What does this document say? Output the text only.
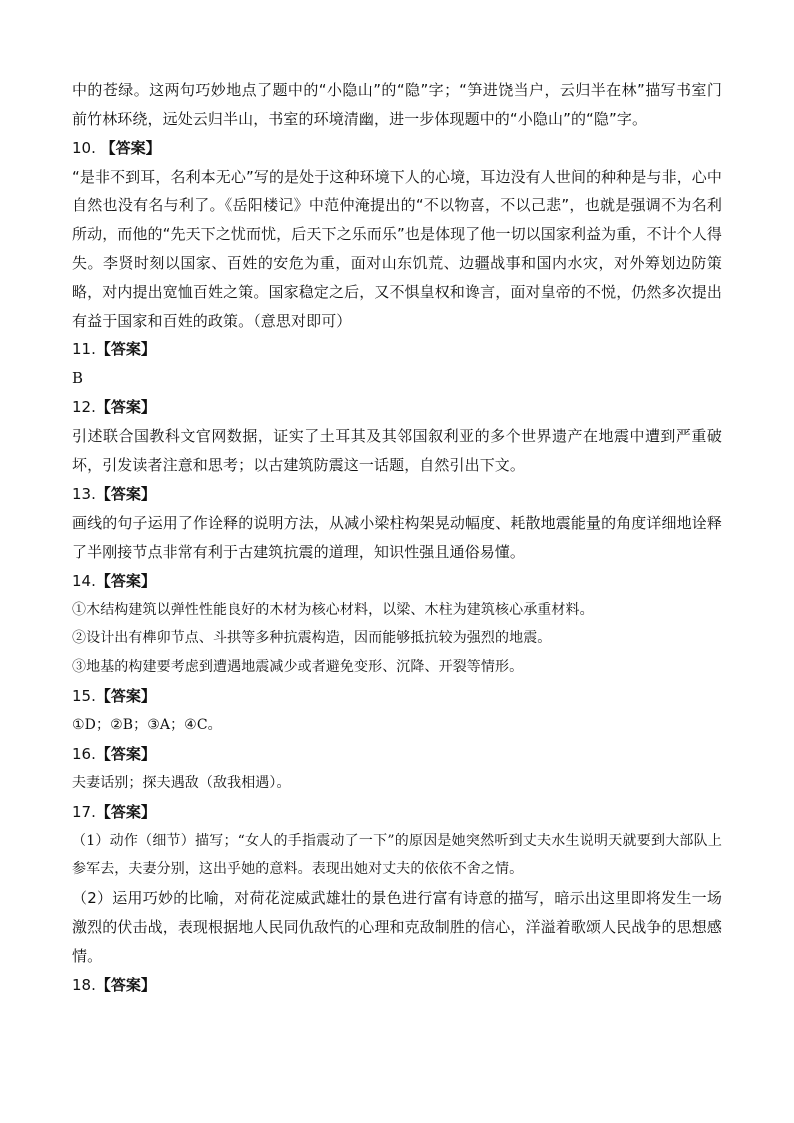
中的苍绿。这两句巧妙地点了题中的“小隐山”的“隐”字；“笋进饶当户，云归半在林”描写书室门前竹林环绕，远处云归半山，书室的环境清幽，进一步体现题中的“小隐山”的“隐”字。

10. 【答案】

“是非不到耳，名利本无心”写的是处于这种环境下人的心境，耳边没有人世间的种种是与非，心中自然也没有名与利了。《岳阳楼记》中范仲淹提出的“不以物喜，不以己悲”，也就是强调不为名利所动，而他的“先天下之忧而忧，后天下之乐而乐”也是体现了他一切以国家利益为重，不计个人得失。李贤时刻以国家、百姓的安危为重，面对山东饥荒、边疆战事和国内水灾，对外筹划边防策略，对内提出宽恤百姓之策。国家稳定之后，又不惧皇权和谗言，面对皇帝的不悦，仍然多次提出有益于国家和百姓的政策。（意思对即可）

11.【答案】

B

12.【答案】

引述联合国教科文官网数据，证实了土耳其及其邻国叙利亚的多个世界遗产在地震中遭到严重破坏，引发读者注意和思考；以古建筑防震这一话题，自然引出下文。

13.【答案】

画线的句子运用了作诠释的说明方法，从减小梁柱构架晃动幅度、耗散地震能量的角度详细地诠释了半刚接节点非常有利于古建筑抗震的道理，知识性强且通俗易懂。

14.【答案】

①木结构建筑以弹性性能良好的木材为核心材料，以梁、木柱为建筑核心承重材料。

②设计出有榫卯节点、斗拱等多种抗震构造，因而能够抵抗较为强烈的地震。

③地基的构建要考虑到遭遇地震减少或者避免变形、沉降、开裂等情形。

15.【答案】

①D；②B；③A；④C。

16.【答案】

夫妻话别；探夫遇敌（敌我相遇）。

17.【答案】

（1）动作（细节）描写；“女人的手指震动了一下”的原因是她突然听到丈夫水生说明天就要到大部队上参军去，夫妻分别，这出乎她的意料。表现出她对丈夫的依依不舍之情。

（2）运用巧妙的比喻，对荷花淀威武雄壮的景色进行富有诗意的描写，暗示出这里即将发生一场激烈的伏击战，表现根据地人民同仇敌忾的心理和克敌制胜的信心，洋溢着歌颂人民战争的思想感情。

18.【答案】
